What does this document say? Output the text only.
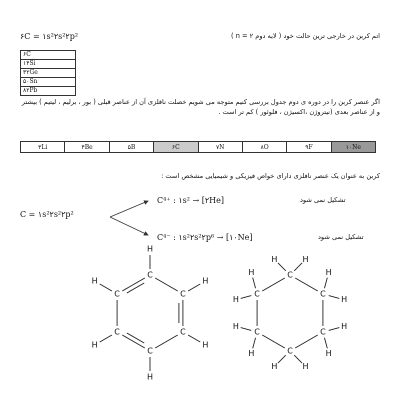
۶C = ۱s²۲s²۲p²	اتم کربن در خارجی ترین حالت خود ( لایه دوم ۲ = n )
۶C
۱۴Si
۳۲Ge
۵۰Sn
۸۲Pb
اگر عنصر کربن را در دوره ی دوم جدول بررسی کنیم متوجه می شویم خصلت نافلزی آن از عناصر قبلی ( بور ، برلیم ، لیتیم ) بیشتر و از عناصر بعدی (نیتروژن ،اکسیژن ، فلوئور ) کم تر است .
۳Li	۴Be	۵B	۶C	۷N	۸O	۹F	۱۰Ne
کربن به عنوان یک عنصر نافلزی دارای خواص فیزیکی و شیمیایی مشخص است :
C = ۱s²۲s²۲p²
C⁴⁺ : ۱s² → [۲He]	تشکیل نمی شود
C⁴⁻ : ۱s²۲s²۲p⁶ → [۱۰Ne]	تشکیل نمی شود
C
H
C
H
C
H
C
H
C
H
C
H
C
H
H
C
H
H
C
H
H
C
H	H
C
H
H
C
H
H
